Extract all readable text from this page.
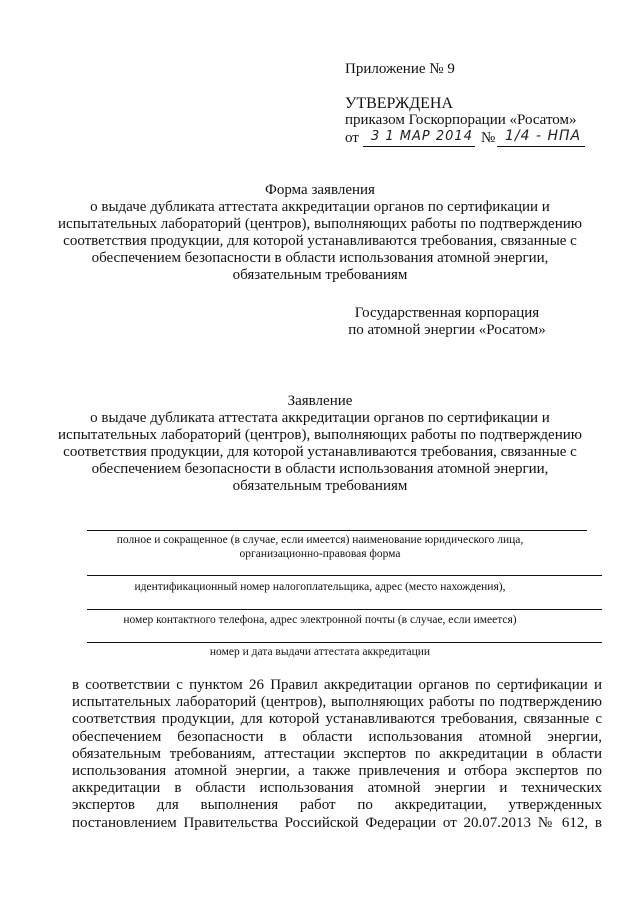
Приложение № 9
УТВЕРЖДЕНА
приказом Госкорпорации «Росатом»
от 3 1 МАР 2014 № 1/4 - НПА
Форма заявления
о выдаче дубликата аттестата аккредитации органов по сертификации и
испытательных лабораторий (центров), выполняющих работы по подтверждению
соответствия продукции, для которой устанавливаются требования, связанные с
обеспечением безопасности в области использования атомной энергии,
обязательным требованиям
Государственная корпорация
по атомной энергии «Росатом»
Заявление
о выдаче дубликата аттестата аккредитации органов по сертификации и
испытательных лабораторий (центров), выполняющих работы по подтверждению
соответствия продукции, для которой устанавливаются требования, связанные с
обеспечением безопасности в области использования атомной энергии,
обязательным требованиям
полное и сокращенное (в случае, если имеется) наименование юридического лица,
организационно-правовая форма
идентификационный номер налогоплательщика, адрес (место нахождения),
номер контактного телефона, адрес электронной почты (в случае, если имеется)
номер и дата выдачи аттестата аккредитации
в соответствии с пунктом 26 Правил аккредитации органов по сертификации и
испытательных лабораторий (центров), выполняющих работы по подтверждению
соответствия продукции, для которой устанавливаются требования, связанные с
обеспечением безопасности в области использования атомной энергии,
обязательным требованиям, аттестации экспертов по аккредитации в области
использования атомной энергии, а также привлечения и отбора экспертов по
аккредитации в области использования атомной энергии и технических
экспертов для выполнения работ по аккредитации, утвержденных
постановлением Правительства Российской Федерации от 20.07.2013 № 612, в
